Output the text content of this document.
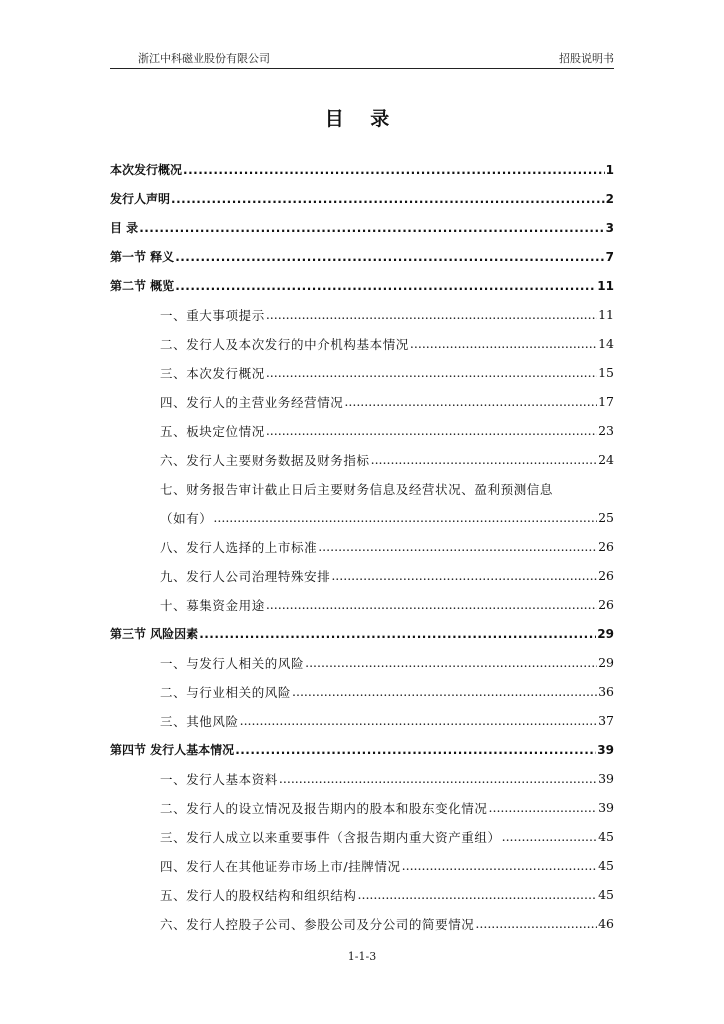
浙江中科磁业股份有限公司	招股说明书
目 录
本次发行概况 .....	1
发行人声明 .....	2
目 录 .....	3
第一节 释义 .....	7
第二节 概览 .....	11
一、重大事项提示 .....	11
二、发行人及本次发行的中介机构基本情况 .....	14
三、本次发行概况 .....	15
四、发行人的主营业务经营情况 .....	17
五、板块定位情况 .....	23
六、发行人主要财务数据及财务指标 .....	24
七、财务报告审计截止日后主要财务信息及经营状况、盈利预测信息
（如有） .....	25
八、发行人选择的上市标准 .....	26
九、发行人公司治理特殊安排 .....	26
十、募集资金用途 .....	26
第三节 风险因素 .....	29
一、与发行人相关的风险 .....	29
二、与行业相关的风险 .....	36
三、其他风险 .....	37
第四节 发行人基本情况 .....	39
一、发行人基本资料 .....	39
二、发行人的设立情况及报告期内的股本和股东变化情况 .....	39
三、发行人成立以来重要事件（含报告期内重大资产重组） .....	45
四、发行人在其他证券市场上市/挂牌情况 .....	45
五、发行人的股权结构和组织结构 .....	45
六、发行人控股子公司、参股公司及分公司的简要情况 .....	46
1-1-3
